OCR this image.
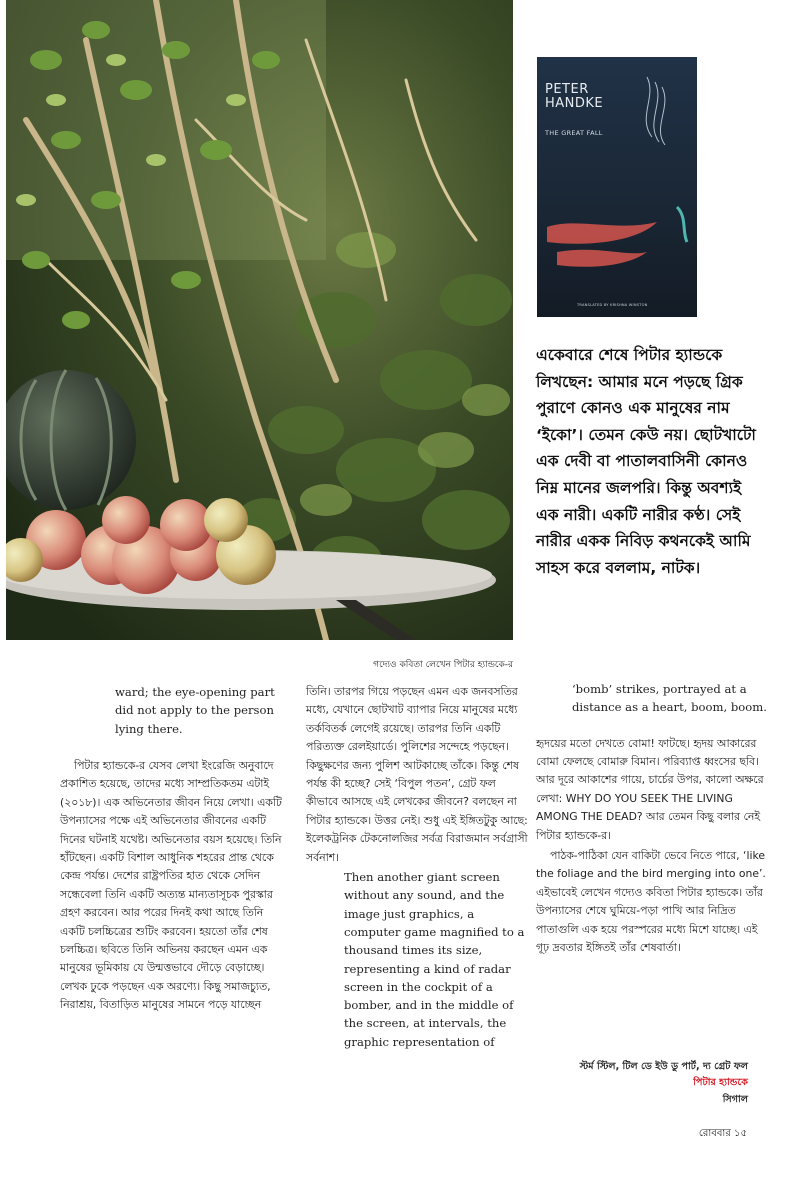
PETER HANDKE
THE GREAT FALL
TRANSLATED BY KRISHNA WINSTON
একেবারে শেষে পিটার হ্যান্ডকে লিখছেন: আমার মনে পড়ছে গ্রিক পুরাণে কোনও এক মানুষের নাম ‘ইকো’। তেমন কেউ নয়। ছোটখাটো এক দেবী বা পাতালবাসিনী কোনও নিম্ন মানের জলপরি। কিন্তু অবশ্যই এক নারী। একটি নারীর কণ্ঠ। সেই নারীর একক নিবিড় কথনকেই আমি সাহস করে বললাম, নাটক।
গদ্যেও কবিতা লেখেন পিটার হ্যান্ডকে-র

ward; the eye-opening part did not apply to the person lying there.

পিটার হ্যান্ডকে-র যেসব লেখা ইংরেজি অনুবাদে প্রকাশিত হয়েছে, তাদের মধ্যে সাম্প্রতিকতম এটাই (২০১৮)। এক অভিনেতার জীবন নিয়ে লেখা। একটি উপন্যাসের পক্ষে এই অভিনেতার জীবনের একটি দিনের ঘটনাই যথেষ্ট। অভিনেতার বয়স হয়েছে। তিনি হাঁটছেন। একটি বিশাল আধুনিক শহরের প্রান্ত থেকে কেন্দ্র পর্যন্ত। দেশের রাষ্ট্রপতির হাত থেকে সেদিন সন্ধেবেলা তিনি একটি অত্যন্ত মান্যতাসূচক পুরস্কার গ্রহণ করবেন। আর পরের দিনই কথা আছে তিনি একটি চলচ্চিত্রের শুটিং করবেন। হয়তো তাঁর শেষ চলচ্চিত্র। ছবিতে তিনি অভিনয় করছেন এমন এক মানুষের ভূমিকায় যে উন্মত্তভাবে দৌড়ে বেড়াচ্ছে। লেখক ঢুকে পড়ছেন এক অরণ্যে। কিছু সমাজচ্যুত, নিরাশ্রয়, বিতাড়িত মানুষের সামনে পড়ে যাচ্ছেন

তিনি। তারপর গিয়ে পড়ছেন এমন এক জনবসতির মধ্যে, যেখানে ছোটখাট ব্যাপার নিয়ে মানুষের মধ্যে তর্কবিতর্ক লেগেই রয়েছে। তারপর তিনি একটি পরিত্যক্ত রেলইয়ার্ডে। পুলিশের সন্দেহে পড়ছেন। কিছুক্ষণের জন্য পুলিশ আটকাচ্ছে তাঁকে। কিন্তু শেষ পর্যন্ত কী হচ্ছে? সেই ‘বিপুল পতন’, গ্রেট ফল কীভাবে আসছে এই লেখকের জীবনে? বলছেন না পিটার হ্যান্ডকে। উত্তর নেই। শুধু এই ইঙ্গিতটুকু আছে: ইলেকট্রনিক টেকনোলজির সর্বত্র বিরাজমান সর্বগ্রাসী সর্বনাশ।

Then another giant screen without any sound, and the image just graphics, a computer game magnified to a thousand times its size, representing a kind of radar screen in the cockpit of a bomber, and in the middle of the screen, at intervals, the graphic representation of

‘bomb’ strikes, portrayed at a distance as a heart, boom, boom.

হৃদয়ের মতো দেখতে বোমা! ফাটছে। হৃদয় আকারের বোমা ফেলছে বোমারু বিমান। পরিব্যাপ্ত ধ্বংসের ছবি। আর দূরে আকাশের গায়ে, চার্চের উপর, কালো অক্ষরে লেখা: WHY DO YOU SEEK THE LIVING AMONG THE DEAD? আর তেমন কিছু বলার নেই পিটার হ্যান্ডকে-র।

পাঠক-পাঠিকা যেন বাকিটা ভেবে নিতে পারে, ‘like the foliage and the bird merging into one’. এইভাবেই লেখেন গদ্যেও কবিতা পিটার হ্যান্ডকে। তাঁর উপন্যাসের শেষে ঘুমিয়ে-পড়া পাখি আর নিদ্রিত পাতাগুলি এক হয়ে পরস্পরের মধ্যে মিশে যাচ্ছে। এই গূঢ় দ্রবতার ইঙ্গিতই তাঁর শেষবার্তা।

স্টর্ম স্টিল, টিল ডে ইউ ডু পার্ট, দ্য গ্রেট ফল
পিটার হ্যান্ডকে
সিগাল
রোববার ১৫
